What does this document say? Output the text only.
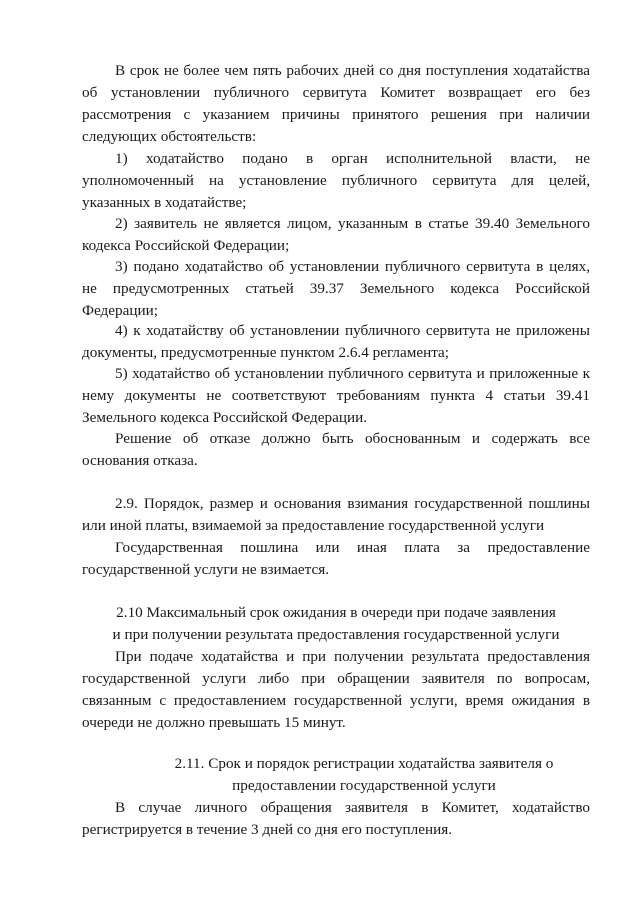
В срок не более чем пять рабочих дней со дня поступления ходатайства об установлении публичного сервитута Комитет возвращает его без рассмотрения с указанием причины принятого решения при наличии следующих обстоятельств:

1) ходатайство подано в орган исполнительной власти, не уполномоченный на установление публичного сервитута для целей, указанных в ходатайстве;

2) заявитель не является лицом, указанным в статье 39.40 Земельного кодекса Российской Федерации;

3) подано ходатайство об установлении публичного сервитута в целях, не предусмотренных статьей 39.37 Земельного кодекса Российской Федерации;

4) к ходатайству об установлении публичного сервитута не приложены документы, предусмотренные пунктом 2.6.4 регламента;

5) ходатайство об установлении публичного сервитута и приложенные к нему документы не соответствуют требованиям пункта 4 статьи 39.41 Земельного кодекса Российской Федерации.

Решение об отказе должно быть обоснованным и содержать все основания отказа.

2.9. Порядок, размер и основания взимания государственной пошлины или иной платы, взимаемой за предоставление государственной услуги

Государственная пошлина или иная плата за предоставление государственной услуги не взимается.

2.10 Максимальный срок ожидания в очереди при подаче заявления

и при получении результата предоставления государственной услуги

При подаче ходатайства и при получении результата предоставления государственной услуги либо при обращении заявителя по вопросам, связанным с предоставлением государственной услуги, время ожидания в очереди не должно превышать 15 минут.

2.11. Срок и порядок регистрации ходатайства заявителя о

предоставлении государственной услуги

В случае личного обращения заявителя в Комитет, ходатайство регистрируется в течение 3 дней со дня его поступления.
